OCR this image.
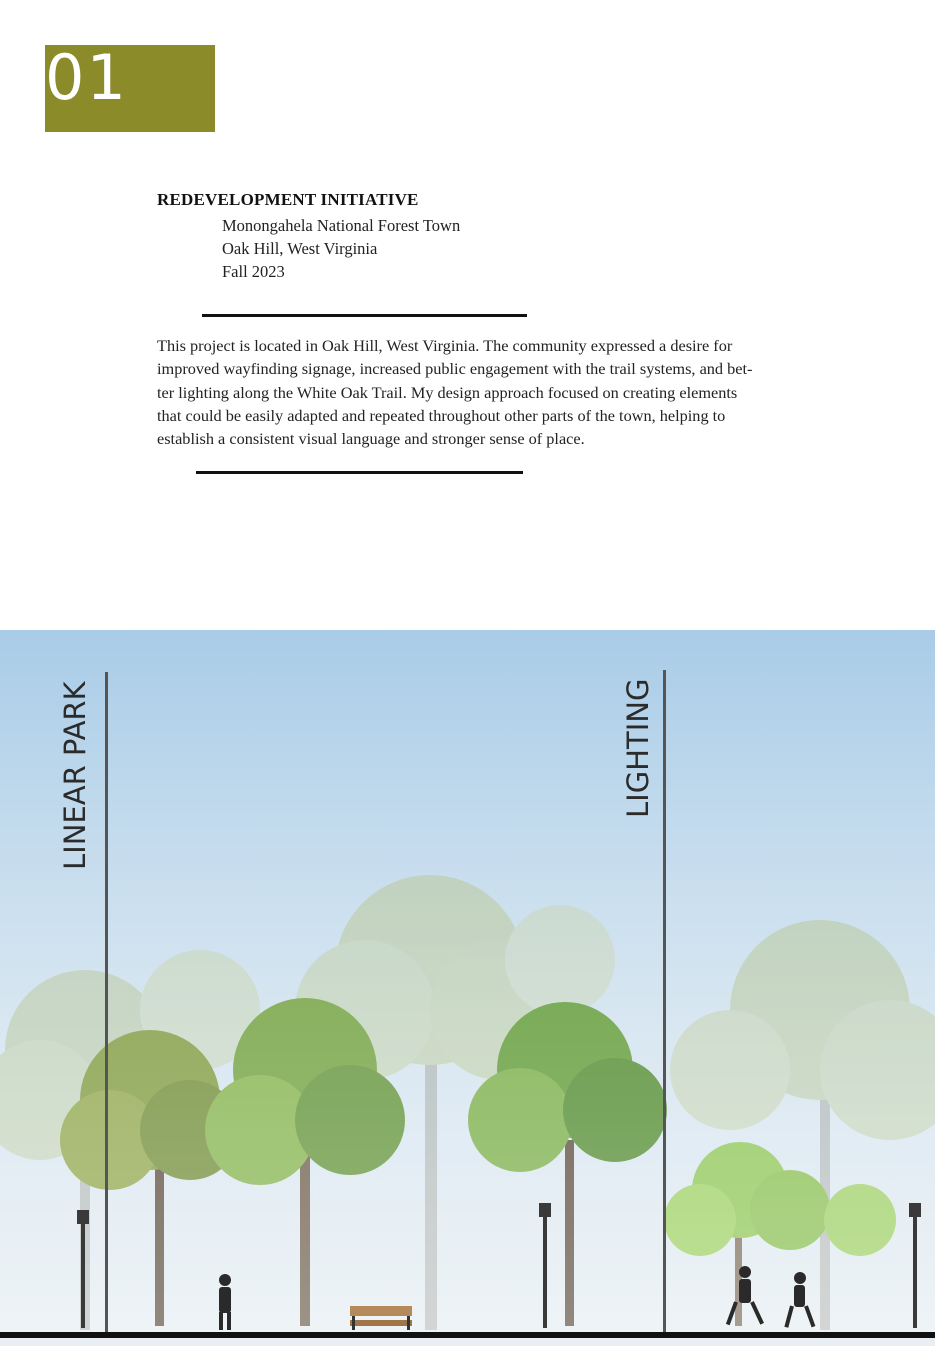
01
REDEVELOPMENT INITIATIVE
Monongahela National Forest Town
Oak Hill, West Virginia
Fall 2023
This project is located in Oak Hill, West Virginia. The community expressed a desire for
improved wayfinding signage, increased public engagement with the trail systems, and bet-
ter lighting along the White Oak Trail. My design approach focused on creating elements
that could be easily adapted and repeated throughout other parts of the town, helping to
establish a consistent visual language and stronger sense of place.
LINEAR PARK	LIGHTING
